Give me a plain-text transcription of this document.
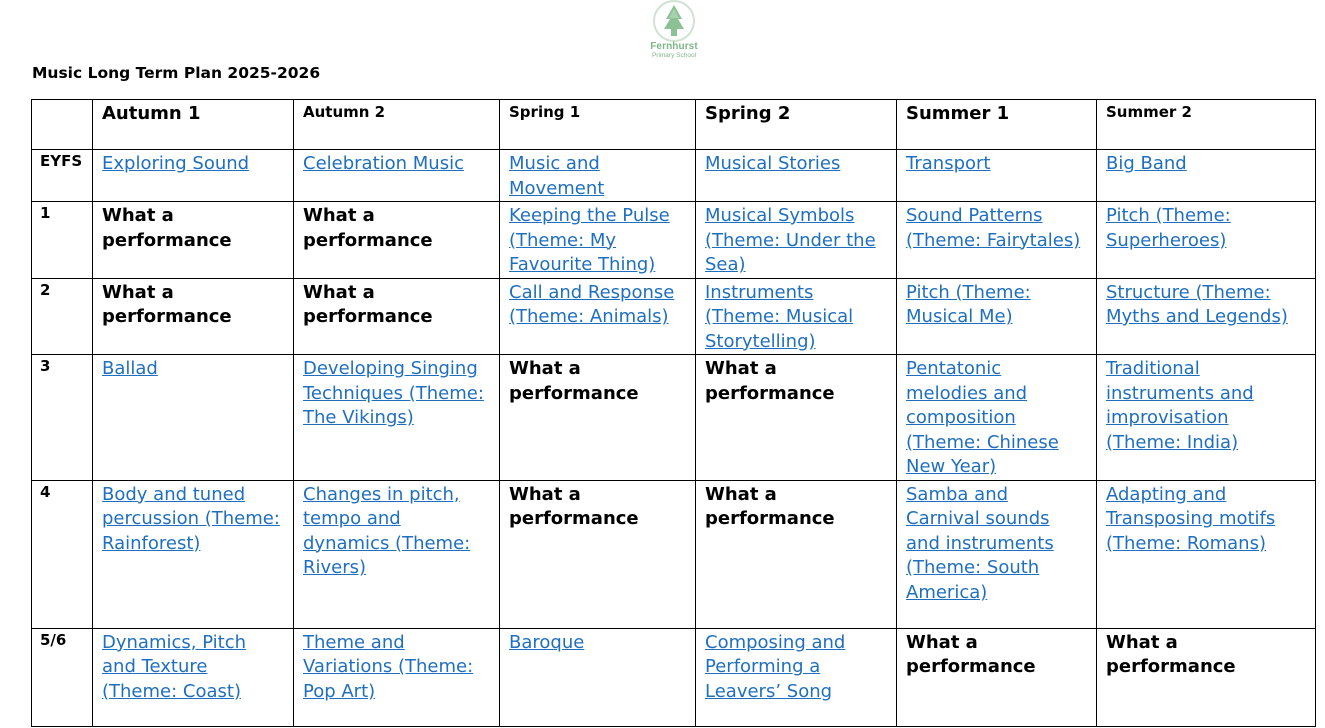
Fernhurst
Primary School
Music Long Term Plan 2025-2026
	Autumn 1	Autumn 2	Spring 1	Spring 2	Summer 1	Summer 2
EYFS	Exploring Sound	Celebration Music	Music and Movement	Musical Stories	Transport	Big Band
1	What a performance	What a performance	Keeping the Pulse (Theme: My Favourite Thing)	Musical Symbols (Theme: Under the Sea)	Sound Patterns (Theme: Fairytales)	Pitch (Theme: Superheroes)
2	What a performance	What a performance	Call and Response (Theme: Animals)	Instruments (Theme: Musical Storytelling)	Pitch (Theme: Musical Me)	Structure (Theme: Myths and Legends)
3	Ballad	Developing Singing Techniques (Theme: The Vikings)	What a performance	What a performance	Pentatonic melodies and composition (Theme: Chinese New Year)	Traditional instruments and improvisation (Theme: India)
4	Body and tuned percussion (Theme: Rainforest)	Changes in pitch, tempo and dynamics (Theme: Rivers)	What a performance	What a performance	Samba and Carnival sounds and instruments (Theme: South America)	Adapting and Transposing motifs (Theme: Romans)
5/6	Dynamics, Pitch and Texture (Theme: Coast)	Theme and Variations (Theme: Pop Art)	Baroque	Composing and Performing a Leavers’ Song	What a performance	What a performance
